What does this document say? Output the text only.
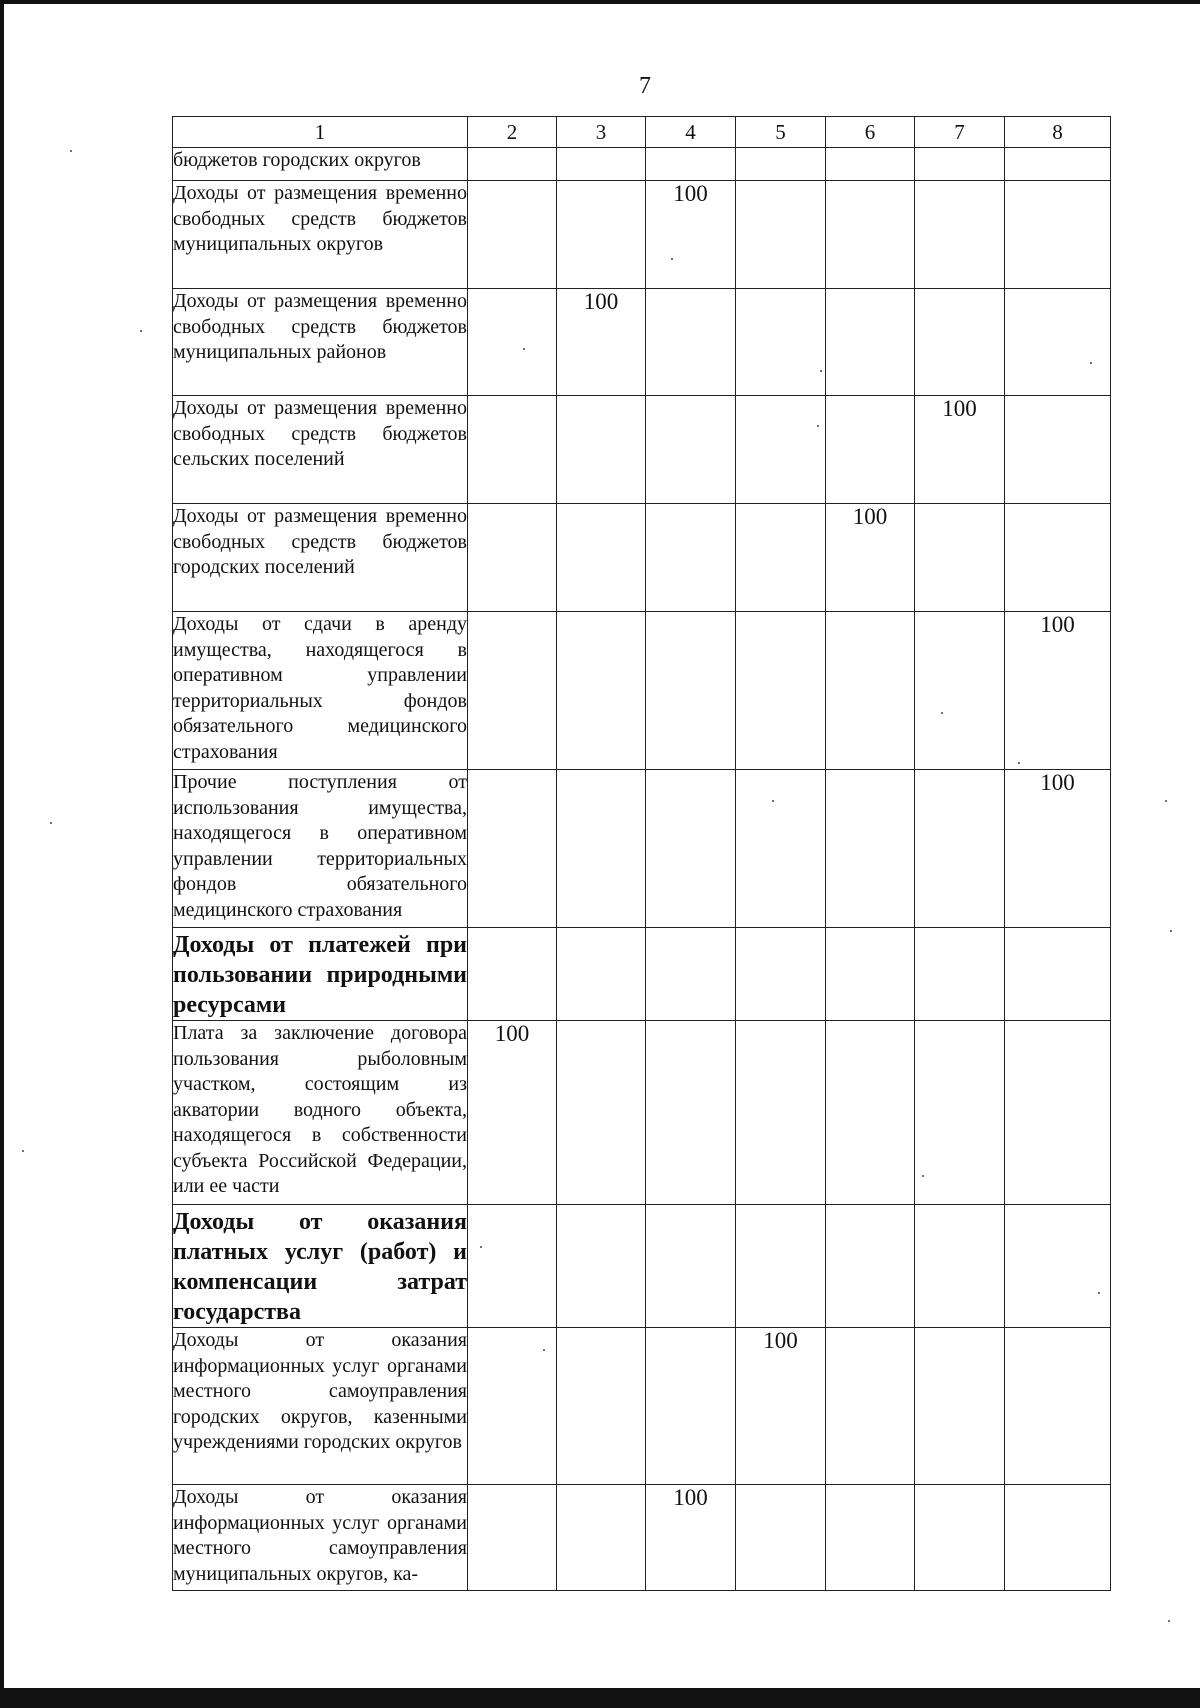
7
1	2	3	4	5	6	7	8
бюджетов городских округов							
Доходы от размещения временно свободных средств бюджетов муниципальных округов			100				
Доходы от размещения временно свободных средств бюджетов муниципальных районов		100					
Доходы от размещения временно свободных средств бюджетов сельских поселений						100	
Доходы от размещения временно свободных средств бюджетов городских поселений					100		
Доходы от сдачи в аренду имущества, находящегося в оперативном управлении территориальных фондов обязательного медицинского страхования							100
Прочие поступления от использования имущества, находящегося в оперативном управлении территориальных фондов обязательного медицинского страхования							100
Доходы от платежей при пользовании природными ресурсами							
Плата за заключение договора пользования рыболовным участком, состоящим из акватории водного объекта, находящегося в собственности субъекта Российской Федерации, или ее части	100						
Доходы от оказания платных услуг (работ) и компенсации затрат государства							
Доходы от оказания информационных услуг органами местного самоуправления городских округов, казенными учреждениями городских округов				100			
Доходы от оказания информационных услуг органами местного самоуправления муниципальных округов, ка-			100				
